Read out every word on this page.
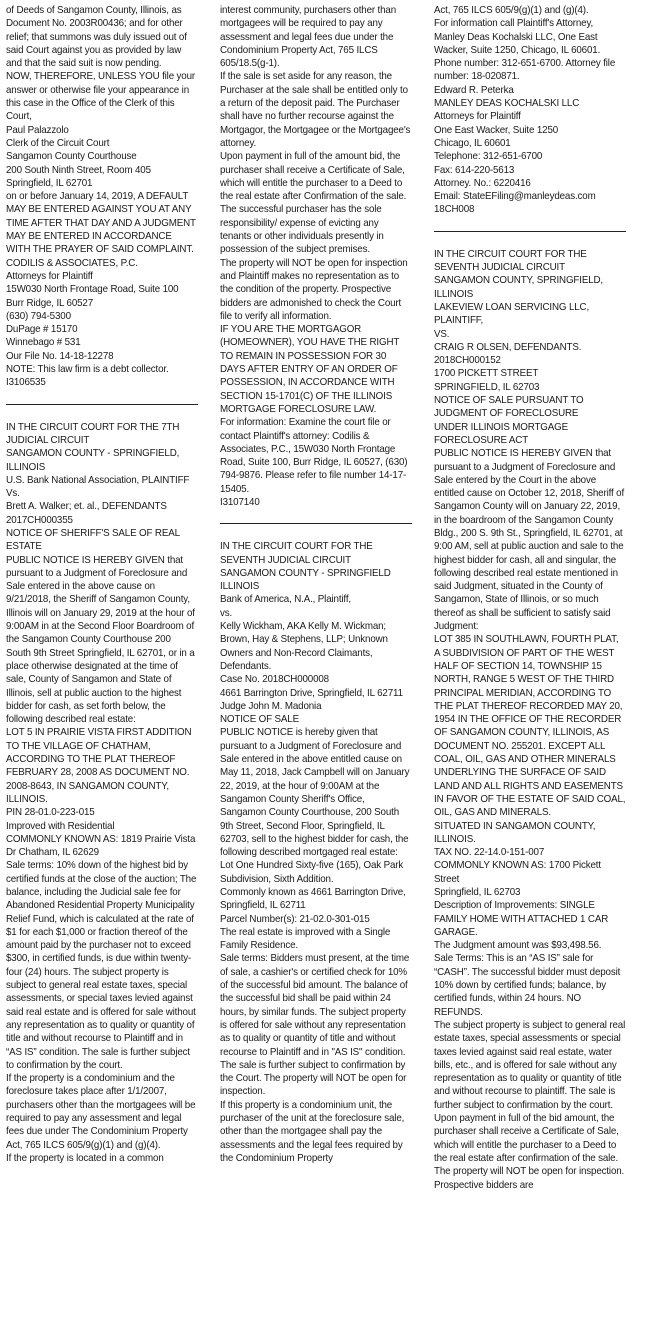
of Deeds of Sangamon County, Illinois, as Document No. 2003R00436; and for other relief; that summons was duly issued out of said Court against you as provided by law and that the said suit is now pending.

NOW, THEREFORE, UNLESS YOU file your answer or otherwise file your appearance in this case in the Office of the Clerk of this Court,

Paul Palazzolo

Clerk of the Circuit Court

Sangamon County Courthouse

200 South Ninth Street, Room 405

Springfield, IL 62701

on or before January 14, 2019, A DEFAULT MAY BE ENTERED AGAINST YOU AT ANY TIME AFTER THAT DAY AND A JUDGMENT MAY BE ENTERED IN ACCORDANCE WITH THE PRAYER OF SAID COMPLAINT.

CODILIS & ASSOCIATES, P.C.

Attorneys for Plaintiff

15W030 North Frontage Road, Suite 100

Burr Ridge, IL 60527

(630) 794-5300

DuPage # 15170

Winnebago # 531

Our File No. 14-18-12278

NOTE: This law firm is a debt collector.

I3106535

IN THE CIRCUIT COURT FOR THE 7TH JUDICIAL CIRCUIT

SANGAMON COUNTY - SPRINGFIELD, ILLINOIS

U.S. Bank National Association, PLAINTIFF

Vs.

Brett A. Walker; et. al., DEFENDANTS

2017CH000355

NOTICE OF SHERIFF'S SALE OF REAL ESTATE

PUBLIC NOTICE IS HEREBY GIVEN that pursuant to a Judgment of Foreclosure and Sale entered in the above cause on 9/21/2018, the Sheriff of Sangamon County, Illinois will on January 29, 2019 at the hour of 9:00AM in at the Second Floor Boardroom of the Sangamon County Courthouse 200 South 9th Street Springfield, IL 62701, or in a place otherwise designated at the time of sale, County of Sangamon and State of Illinois, sell at public auction to the highest bidder for cash, as set forth below, the following described real estate:

LOT 5 IN PRAIRIE VISTA FIRST ADDITION TO THE VILLAGE OF CHATHAM, ACCORDING TO THE PLAT THEREOF FEBRUARY 28, 2008 AS DOCUMENT NO. 2008-8643, IN SANGAMON COUNTY, ILLINOIS.

PIN 28-01.0-223-015

Improved with Residential

COMMONLY KNOWN AS: 1819 Prairie Vista Dr Chatham, IL 62629

Sale terms: 10% down of the highest bid by certified funds at the close of the auction; The balance, including the Judicial sale fee for Abandoned Residential Property Municipality Relief Fund, which is calculated at the rate of $1 for each $1,000 or fraction thereof of the amount paid by the purchaser not to exceed $300, in certified funds, is due within twenty-four (24) hours. The subject property is subject to general real estate taxes, special assessments, or special taxes levied against said real estate and is offered for sale without any representation as to quality or quantity of title and without recourse to Plaintiff and in “AS IS” condition. The sale is further subject to confirmation by the court.

If the property is a condominium and the foreclosure takes place after 1/1/2007, purchasers other than the mortgagees will be required to pay any assessment and legal fees due under The Condominium Property Act, 765 ILCS 605/9(g)(1) and (g)(4).

If the property is located in a common

interest community, purchasers other than mortgagees will be required to pay any assessment and legal fees due under the Condominium Property Act, 765 ILCS 605/18.5(g-1).

If the sale is set aside for any reason, the Purchaser at the sale shall be entitled only to a return of the deposit paid. The Purchaser shall have no further recourse against the Mortgagor, the Mortgagee or the Mortgagee's attorney.

Upon payment in full of the amount bid, the purchaser shall receive a Certificate of Sale, which will entitle the purchaser to a Deed to the real estate after Confirmation of the sale. The successful purchaser has the sole responsibility/ expense of evicting any tenants or other individuals presently in possession of the subject premises.

The property will NOT be open for inspection and Plaintiff makes no representation as to the condition of the property. Prospective bidders are admonished to check the Court file to verify all information.

IF YOU ARE THE MORTGAGOR (HOMEOWNER), YOU HAVE THE RIGHT TO REMAIN IN POSSESSION FOR 30 DAYS AFTER ENTRY OF AN ORDER OF POSSESSION, IN ACCORDANCE WITH SECTION 15-1701(C) OF THE ILLINOIS MORTGAGE FORECLOSURE LAW.

For information: Examine the court file or contact Plaintiff's attorney: Codilis & Associates, P.C., 15W030 North Frontage Road, Suite 100, Burr Ridge, IL 60527, (630) 794-9876. Please refer to file number 14-17-15405.

I3107140

IN THE CIRCUIT COURT FOR THE SEVENTH JUDICIAL CIRCUIT

SANGAMON COUNTY - SPRINGFIELD ILLINOIS

Bank of America, N.A., Plaintiff,

vs.

Kelly Wickham, AKA Kelly M. Wickman; Brown, Hay & Stephens, LLP; Unknown Owners and Non-Record Claimants, Defendants.

Case No. 2018CH000008

4661 Barrington Drive, Springfield, IL 62711

Judge John M. Madonia

NOTICE OF SALE

PUBLIC NOTICE is hereby given that pursuant to a Judgment of Foreclosure and Sale entered in the above entitled cause on May 11, 2018, Jack Campbell will on January 22, 2019, at the hour of 9:00AM at the Sangamon County Sheriff's Office, Sangamon County Courthouse, 200 South 9th Street, Second Floor, Springfield, IL 62703, sell to the highest bidder for cash, the following described mortgaged real estate:

Lot One Hundred Sixty-five (165), Oak Park Subdivision, Sixth Addition.

Commonly known as 4661 Barrington Drive, Springfield, IL 62711

Parcel Number(s): 21-02.0-301-015

The real estate is improved with a Single Family Residence.

Sale terms: Bidders must present, at the time of sale, a cashier's or certified check for 10% of the successful bid amount. The balance of the successful bid shall be paid within 24 hours, by similar funds. The subject property is offered for sale without any representation as to quality or quantity of title and without recourse to Plaintiff and in "AS IS" condition. The sale is further subject to confirmation by the Court. The property will NOT be open for inspection.

If this property is a condominium unit, the purchaser of the unit at the foreclosure sale, other than the mortgagee shall pay the assessments and the legal fees required by the Condominium Property

Act, 765 ILCS 605/9(g)(1) and (g)(4).

For information call Plaintiff's Attorney, Manley Deas Kochalski LLC, One East Wacker, Suite 1250, Chicago, IL 60601. Phone number: 312-651-6700. Attorney file number: 18-020871.

Edward R. Peterka

MANLEY DEAS KOCHALSKI LLC

Attorneys for Plaintiff

One East Wacker, Suite 1250

Chicago, IL 60601

Telephone: 312-651-6700

Fax: 614-220-5613

Attorney. No.: 6220416

Email: StateEFiling@manleydeas.com

18CH008

IN THE CIRCUIT COURT FOR THE SEVENTH JUDICIAL CIRCUIT

SANGAMON COUNTY, SPRINGFIELD, ILLINOIS

LAKEVIEW LOAN SERVICING LLC, PLAINTIFF,

VS.

CRAIG R OLSEN, DEFENDANTS.

2018CH000152

1700 PICKETT STREET

SPRINGFIELD, IL 62703

NOTICE OF SALE PURSUANT TO JUDGMENT OF FORECLOSURE

UNDER ILLINOIS MORTGAGE FORECLOSURE ACT

PUBLIC NOTICE IS HEREBY GIVEN that pursuant to a Judgment of Foreclosure and Sale entered by the Court in the above entitled cause on October 12, 2018, Sheriff of Sangamon County will on January 22, 2019, in the boardroom of the Sangamon County Bldg., 200 S. 9th St., Springfield, IL 62701, at 9:00 AM, sell at public auction and sale to the highest bidder for cash, all and singular, the following described real estate mentioned in said Judgment, situated in the County of Sangamon, State of Illinois, or so much thereof as shall be sufficient to satisfy said Judgment:

LOT 385 IN SOUTHLAWN, FOURTH PLAT, A SUBDIVISION OF PART OF THE WEST HALF OF SECTION 14, TOWNSHIP 15 NORTH, RANGE 5 WEST OF THE THIRD PRINCIPAL MERIDIAN, ACCORDING TO THE PLAT THEREOF RECORDED MAY 20, 1954 IN THE OFFICE OF THE RECORDER OF SANGAMON COUNTY, ILLINOIS, AS DOCUMENT NO. 255201. EXCEPT ALL COAL, OIL, GAS AND OTHER MINERALS UNDERLYING THE SURFACE OF SAID LAND AND ALL RIGHTS AND EASEMENTS IN FAVOR OF THE ESTATE OF SAID COAL, OIL, GAS AND MINERALS.

SITUATED IN SANGAMON COUNTY, ILLINOIS.

TAX NO. 22-14.0-151-007

COMMONLY KNOWN AS: 1700 Pickett Street

Springfield, IL 62703

Description of Improvements: SINGLE FAMILY HOME WITH ATTACHED 1 CAR GARAGE.

The Judgment amount was $93,498.56.

Sale Terms: This is an “AS IS” sale for “CASH”. The successful bidder must deposit 10% down by certified funds; balance, by certified funds, within 24 hours. NO REFUNDS.

The subject property is subject to general real estate taxes, special assessments or special taxes levied against said real estate, water bills, etc., and is offered for sale without any representation as to quality or quantity of title and without recourse to plaintiff. The sale is further subject to confirmation by the court.

Upon payment in full of the bid amount, the purchaser shall receive a Certificate of Sale, which will entitle the purchaser to a Deed to the real estate after confirmation of the sale.

The property will NOT be open for inspection. Prospective bidders are
